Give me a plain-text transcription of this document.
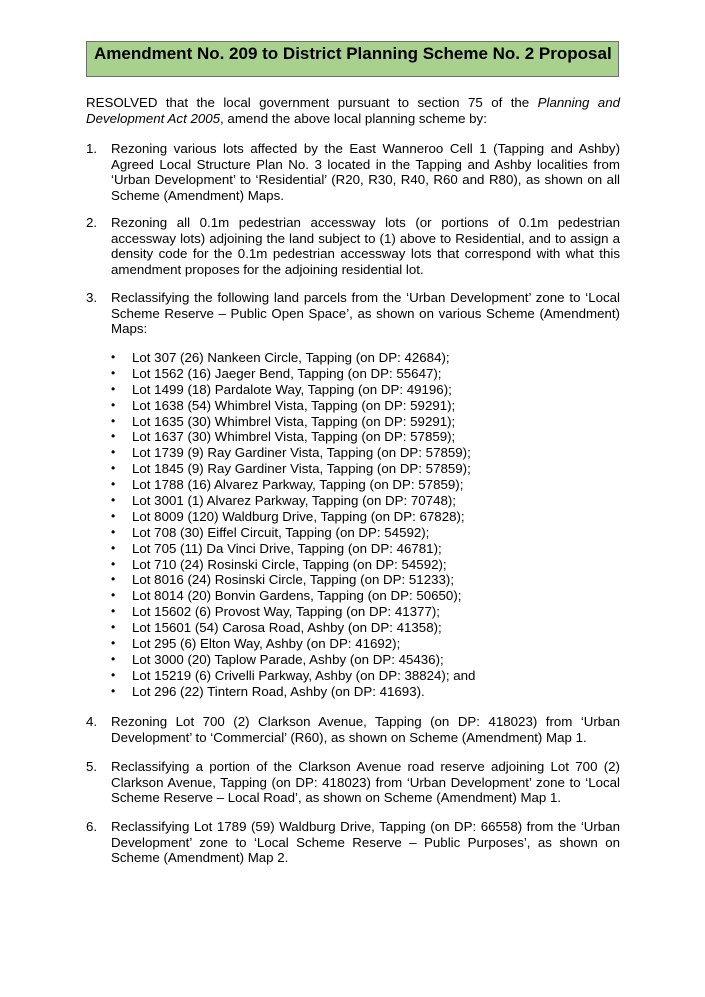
Amendment No. 209 to District Planning Scheme No. 2 Proposal

RESOLVED that the local government pursuant to section 75 of the Planning and Development Act 2005, amend the above local planning scheme by:

1. Rezoning various lots affected by the East Wanneroo Cell 1 (Tapping and Ashby) Agreed Local Structure Plan No. 3 located in the Tapping and Ashby localities from ‘Urban Development’ to ‘Residential’ (R20, R30, R40, R60 and R80), as shown on all Scheme (Amendment) Maps.
2. Rezoning all 0.1m pedestrian accessway lots (or portions of 0.1m pedestrian accessway lots) adjoining the land subject to (1) above to Residential, and to assign a density code for the 0.1m pedestrian accessway lots that correspond with what this amendment proposes for the adjoining residential lot.
3. Reclassifying the following land parcels from the ‘Urban Development’ zone to ‘Local Scheme Reserve – Public Open Space’, as shown on various Scheme (Amendment) Maps:
• Lot 307 (26) Nankeen Circle, Tapping (on DP: 42684);
• Lot 1562 (16) Jaeger Bend, Tapping (on DP: 55647);
• Lot 1499 (18) Pardalote Way, Tapping (on DP: 49196);
• Lot 1638 (54) Whimbrel Vista, Tapping (on DP: 59291);
• Lot 1635 (30) Whimbrel Vista, Tapping (on DP: 59291);
• Lot 1637 (30) Whimbrel Vista, Tapping (on DP: 57859);
• Lot 1739 (9) Ray Gardiner Vista, Tapping (on DP: 57859);
• Lot 1845 (9) Ray Gardiner Vista, Tapping (on DP: 57859);
• Lot 1788 (16) Alvarez Parkway, Tapping (on DP: 57859);
• Lot 3001 (1) Alvarez Parkway, Tapping (on DP: 70748);
• Lot 8009 (120) Waldburg Drive, Tapping (on DP: 67828);
• Lot 708 (30) Eiffel Circuit, Tapping (on DP: 54592);
• Lot 705 (11) Da Vinci Drive, Tapping (on DP: 46781);
• Lot 710 (24) Rosinski Circle, Tapping (on DP: 54592);
• Lot 8016 (24) Rosinski Circle, Tapping (on DP: 51233);
• Lot 8014 (20) Bonvin Gardens, Tapping (on DP: 50650);
• Lot 15602 (6) Provost Way, Tapping (on DP: 41377);
• Lot 15601 (54) Carosa Road, Ashby (on DP: 41358);
• Lot 295 (6) Elton Way, Ashby (on DP: 41692);
• Lot 3000 (20) Taplow Parade, Ashby (on DP: 45436);
• Lot 15219 (6) Crivelli Parkway, Ashby (on DP: 38824); and
• Lot 296 (22) Tintern Road, Ashby (on DP: 41693).
4. Rezoning Lot 700 (2) Clarkson Avenue, Tapping (on DP: 418023) from ‘Urban Development’ to ‘Commercial’ (R60), as shown on Scheme (Amendment) Map 1.
5. Reclassifying a portion of the Clarkson Avenue road reserve adjoining Lot 700 (2) Clarkson Avenue, Tapping (on DP: 418023) from ‘Urban Development’ zone to ‘Local Scheme Reserve – Local Road’, as shown on Scheme (Amendment) Map 1.
6. Reclassifying Lot 1789 (59) Waldburg Drive, Tapping (on DP: 66558) from the ‘Urban Development’ zone to ‘Local Scheme Reserve – Public Purposes’, as shown on Scheme (Amendment) Map 2.
